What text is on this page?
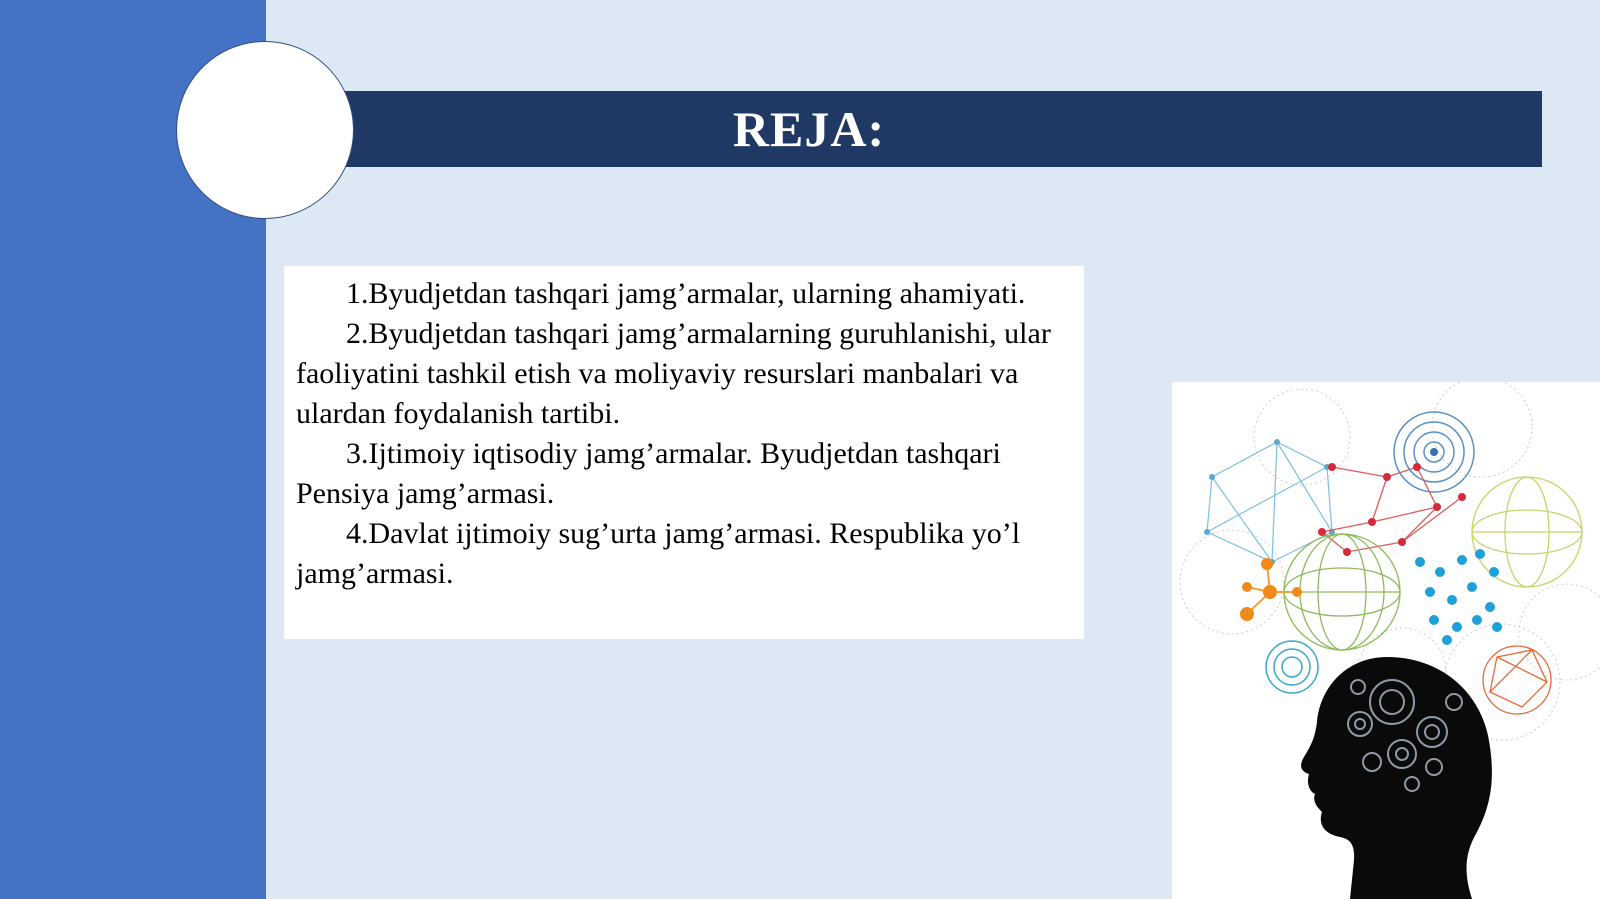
REJA:

1.Byudjetdan tashqari jamg’armalar, ularning ahamiyati.

2.Byudjetdan tashqari jamg’armalarning guruhlanishi, ular faoliyatini tashkil etish va moliyaviy resurslari manbalari va ulardan foydalanish tartibi.

3.Ijtimoiy iqtisodiy jamg’armalar. Byudjetdan tashqari Pensiya jamg’armasi.

4.Davlat ijtimoiy sug’urta jamg’armasi. Respublika yo’l jamg’armasi.
